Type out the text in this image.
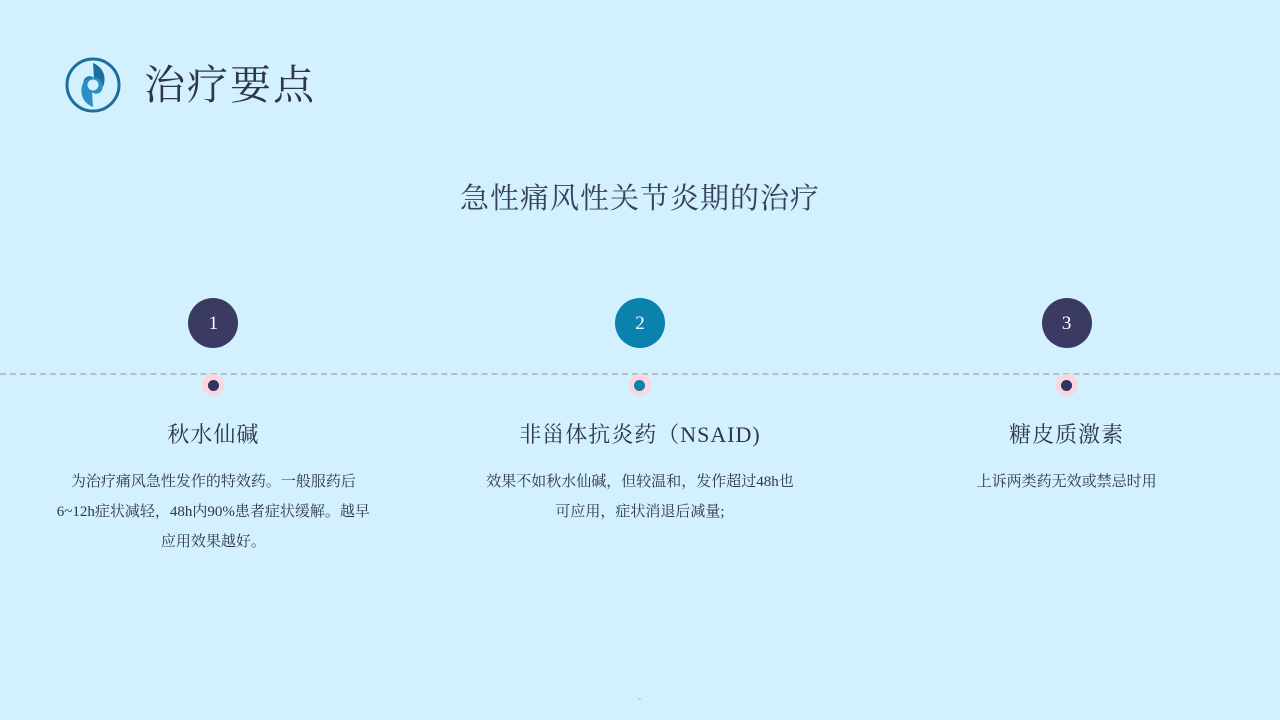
治疗要点
急性痛风性关节炎期的治疗
1
秋水仙碱
为治疗痛风急性发作的特效药。一般服药后6~12h症状减轻，48h内90%患者症状缓解。越早应用效果越好。
2
非甾体抗炎药（NSAID)
效果不如秋水仙碱，但较温和，发作超过48h也可应用，症状消退后减量;
3
糖皮质激素
上诉两类药无效或禁忌时用
-
